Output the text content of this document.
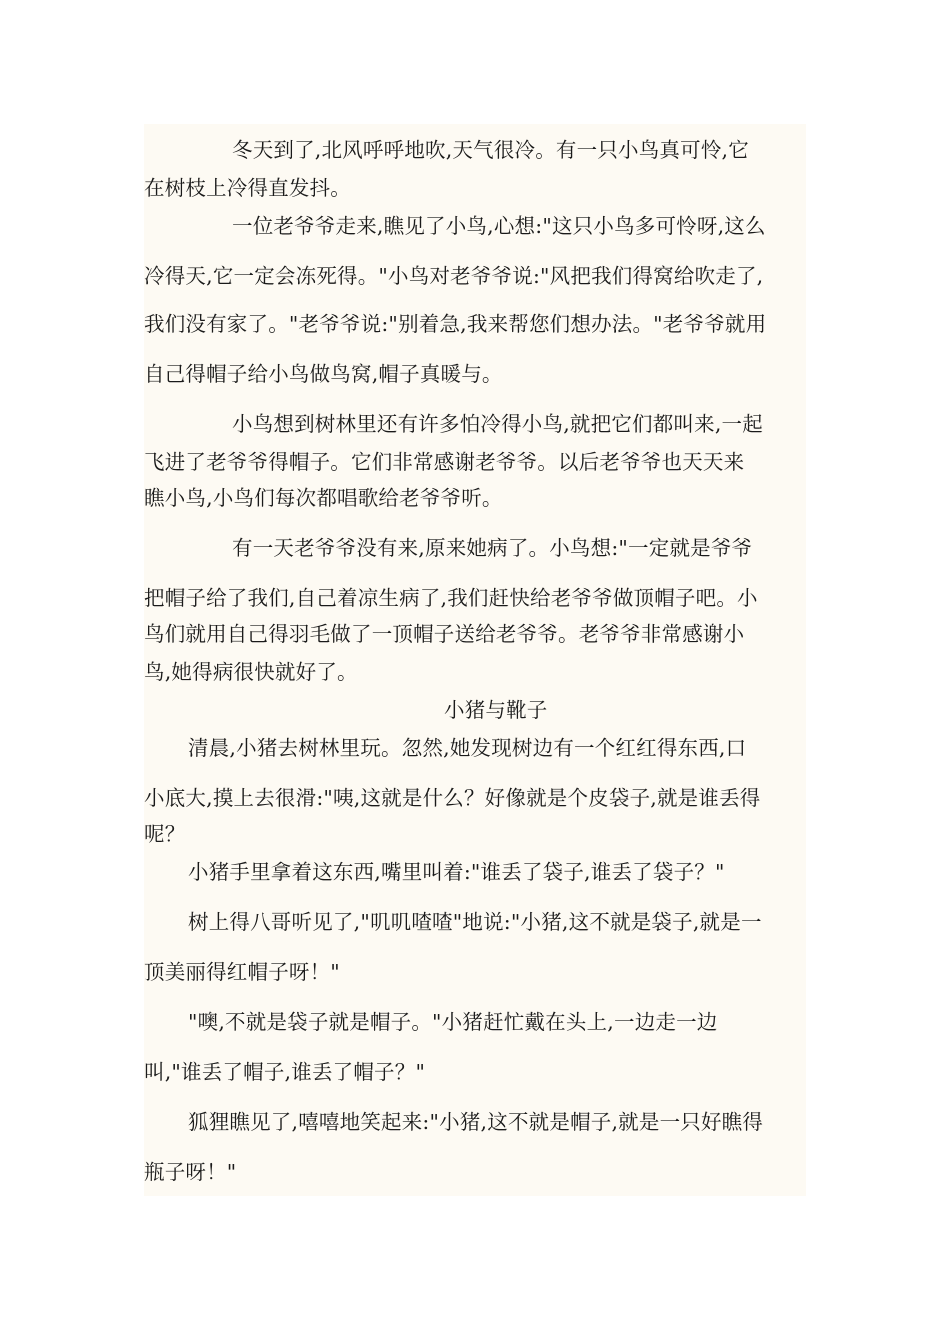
冬天到了,北风呼呼地吹,天气很冷。有一只小鸟真可怜,它
在树枝上冷得直发抖。
一位老爷爷走来,瞧见了小鸟,心想:"这只小鸟多可怜呀,这么
冷得天,它一定会冻死得。"小鸟对老爷爷说:"风把我们得窝给吹走了,
我们没有家了。"老爷爷说:"别着急,我来帮您们想办法。"老爷爷就用
自己得帽子给小鸟做鸟窝,帽子真暖与。
小鸟想到树林里还有许多怕冷得小鸟,就把它们都叫来,一起
飞进了老爷爷得帽子。它们非常感谢老爷爷。以后老爷爷也天天来
瞧小鸟,小鸟们每次都唱歌给老爷爷听。
有一天老爷爷没有来,原来她病了。小鸟想:"一定就是爷爷
把帽子给了我们,自己着凉生病了,我们赶快给老爷爷做顶帽子吧。小
鸟们就用自己得羽毛做了一顶帽子送给老爷爷。老爷爷非常感谢小
鸟,她得病很快就好了。
小猪与靴子
清晨,小猪去树林里玩。忽然,她发现树边有一个红红得东西,口
小底大,摸上去很滑:"咦,这就是什么？好像就是个皮袋子,就是谁丢得
呢？
小猪手里拿着这东西,嘴里叫着:"谁丢了袋子,谁丢了袋子？"
树上得八哥听见了,"叽叽喳喳"地说:"小猪,这不就是袋子,就是一
顶美丽得红帽子呀！"
"噢,不就是袋子就是帽子。"小猪赶忙戴在头上,一边走一边
叫,"谁丢了帽子,谁丢了帽子？"
狐狸瞧见了,嘻嘻地笑起来:"小猪,这不就是帽子,就是一只好瞧得
瓶子呀！"
